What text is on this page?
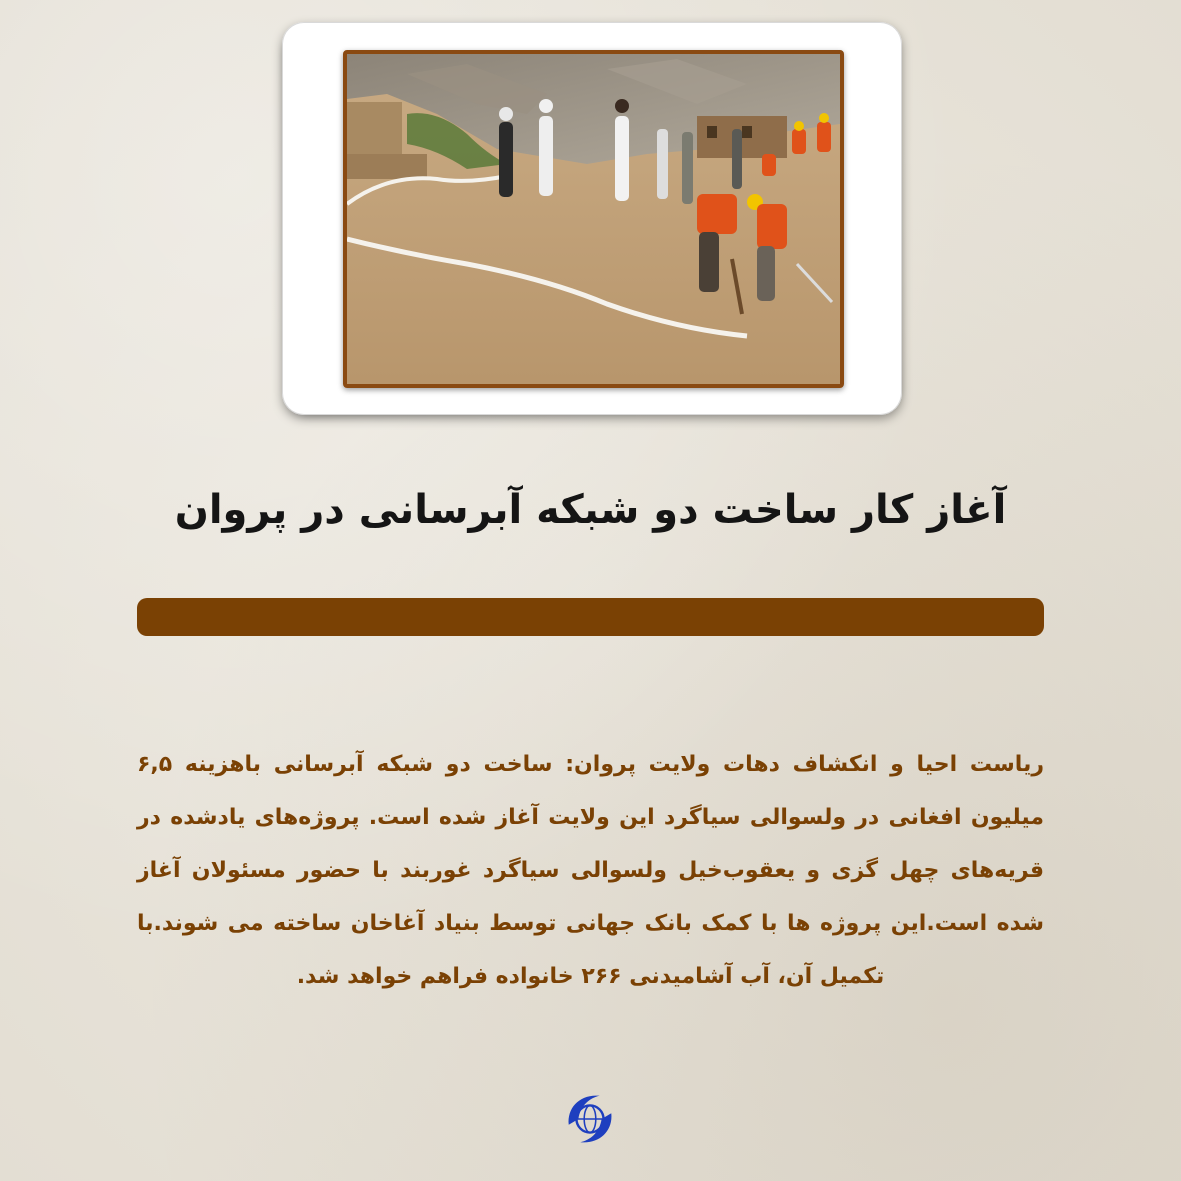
آغاز کار ساخت دو شبکه آبرسانی در پروان
ریاست احیا و انکشاف دهات ولایت پروان: ساخت دو شبکه آبرسانی باهزینه ۶,۵ میلیون افغانی در ولسوالی سیاگرد این ولایت آغاز شده است. پروژه‌های یادشده در قریه‌های چهل گزی و یعقوب‌خیل ولسوالی سیاگرد غوربند با حضور مسئولان آغاز شده است.این پروژه ها با کمک بانک جهانی توسط بنیاد آغاخان ساخته می شوند.با تکمیل آن، آب آشامیدنی ۲۶۶ خانواده فراهم خواهد شد.
